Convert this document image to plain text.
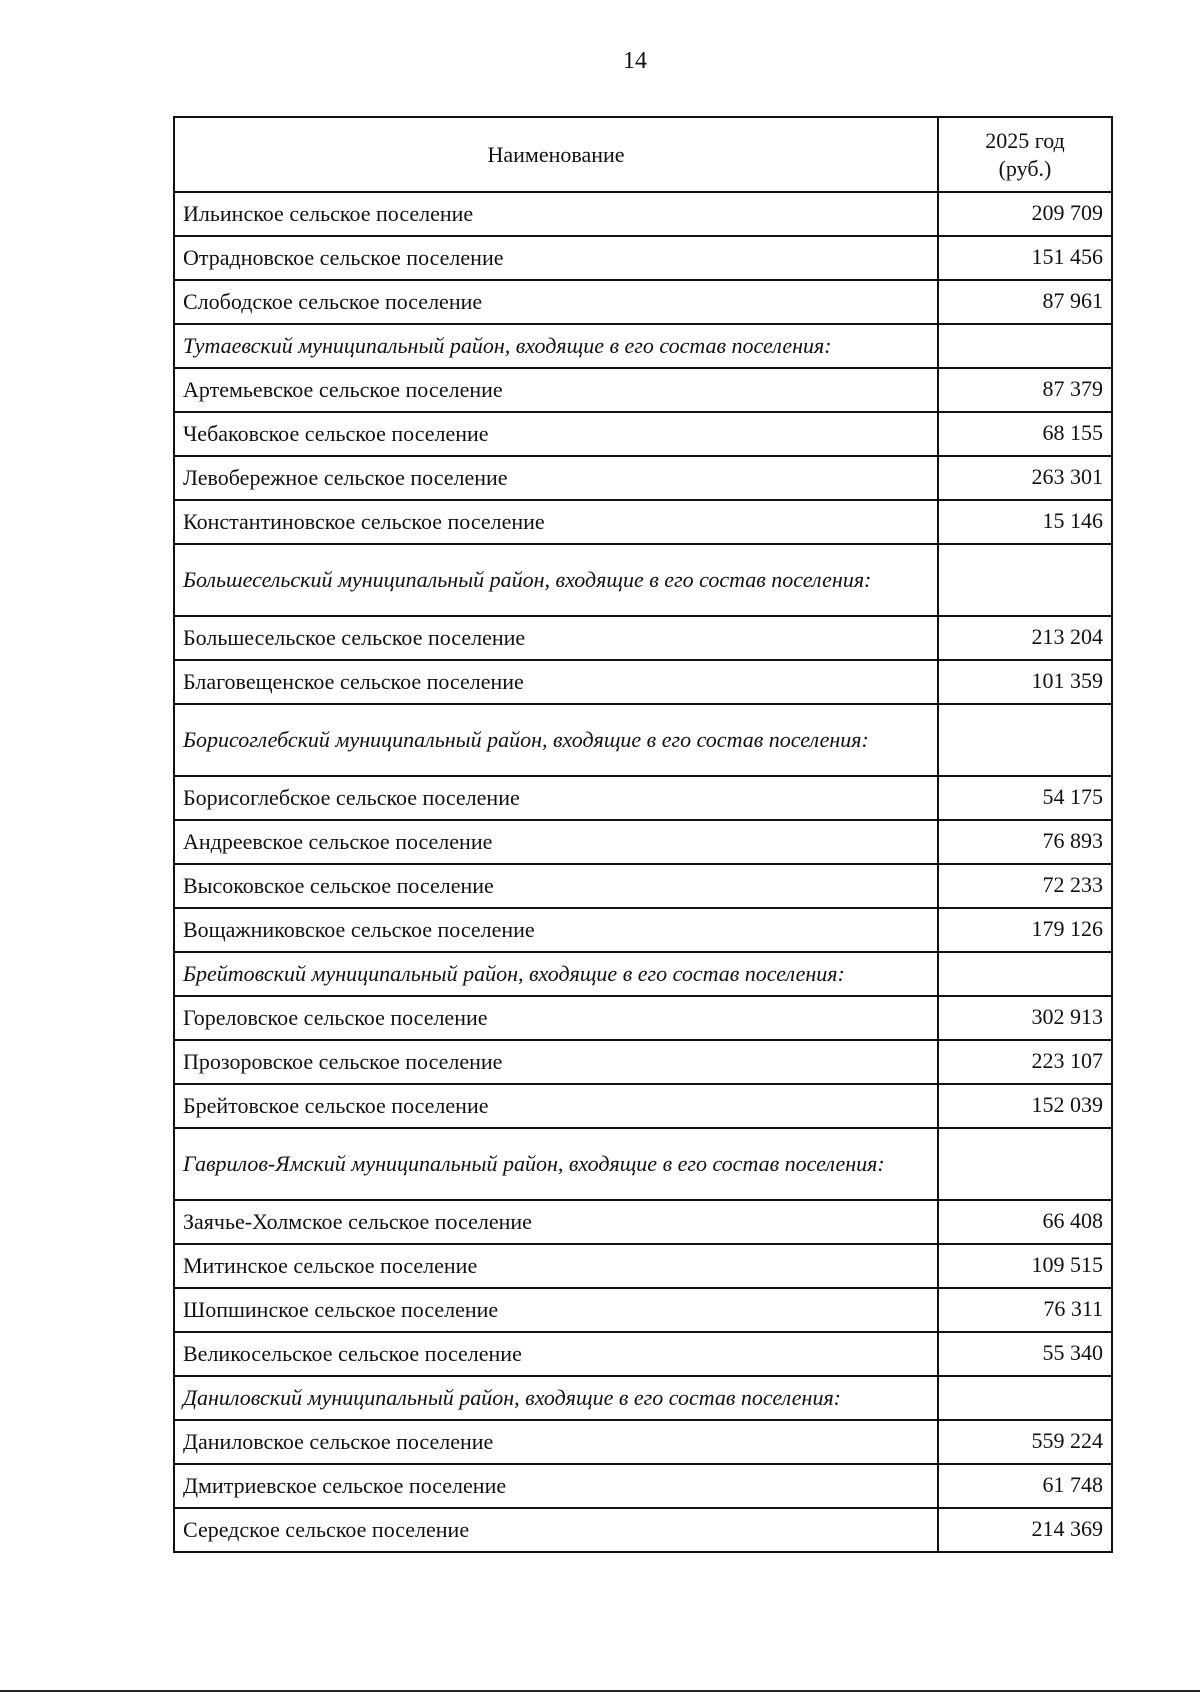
14
Наименование	2025 год
(руб.)

Ильинское сельское поселение	209 709
Отрадновское сельское поселение	151 456
Слободское сельское поселение	87 961
Тутаевский муниципальный район, входящие в его состав поселения:	
Артемьевское сельское поселение	87 379
Чебаковское сельское поселение	68 155
Левобережное сельское поселение	263 301
Константиновское сельское поселение	15 146
Большесельский муниципальный район, входящие в его состав поселения:	
Большесельское сельское поселение	213 204
Благовещенское сельское поселение	101 359
Борисоглебский муниципальный район, входящие в его состав поселения:	
Борисоглебское сельское поселение	54 175
Андреевское сельское поселение	76 893
Высоковское сельское поселение	72 233
Вощажниковское сельское поселение	179 126
Брейтовский муниципальный район, входящие в его состав поселения:	
Гореловское сельское поселение	302 913
Прозоровское сельское поселение	223 107
Брейтовское сельское поселение	152 039
Гаврилов-Ямский муниципальный район, входящие в его состав поселения:	
Заячье-Холмское сельское поселение	66 408
Митинское сельское поселение	109 515
Шопшинское сельское поселение	76 311
Великосельское сельское поселение	55 340
Даниловский муниципальный район, входящие в его состав поселения:	
Даниловское сельское поселение	559 224
Дмитриевское сельское поселение	61 748
Середское сельское поселение	214 369
